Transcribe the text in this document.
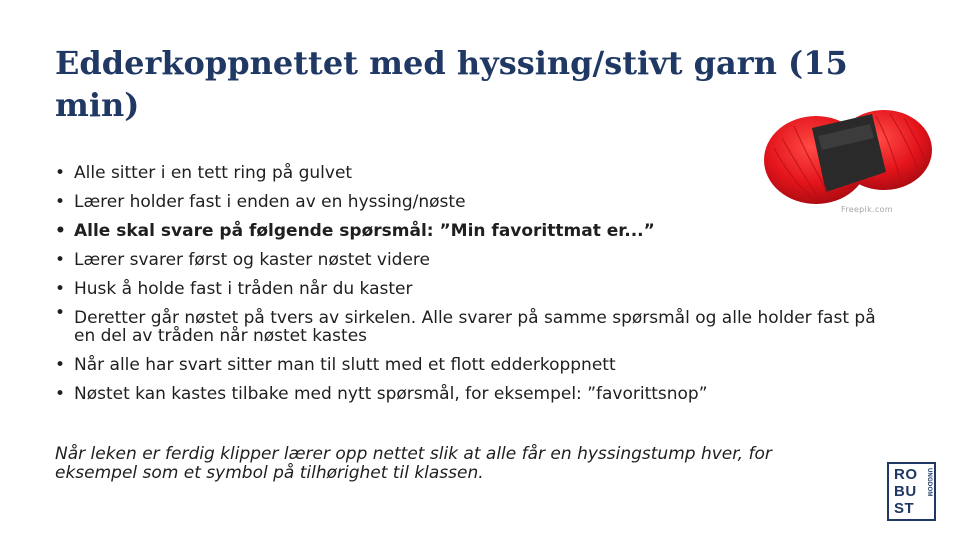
Edderkoppnettet med hyssing/stivt garn (15 min)
• Alle sitter i en tett ring på gulvet
• Lærer holder fast i enden av en hyssing/nøste
• Alle skal svare på følgende spørsmål: ”Min favorittmat er...”
• Lærer svarer først og kaster nøstet videre
• Husk å holde fast i tråden når du kaster
• Deretter går nøstet på tvers av sirkelen. Alle svarer på samme spørsmål og alle holder fast på en del av tråden når nøstet kastes
• Når alle har svart sitter man til slutt med et flott edderkoppnett
• Nøstet kan kastes tilbake med nytt spørsmål, for eksempel: ”favorittsnop”

Når leken er ferdig klipper lærer opp nettet slik at alle får en hyssingstump hver, for eksempel som et symbol på tilhørighet til klassen.

Freepik.com
RO
BU
ST
UNGDOM
